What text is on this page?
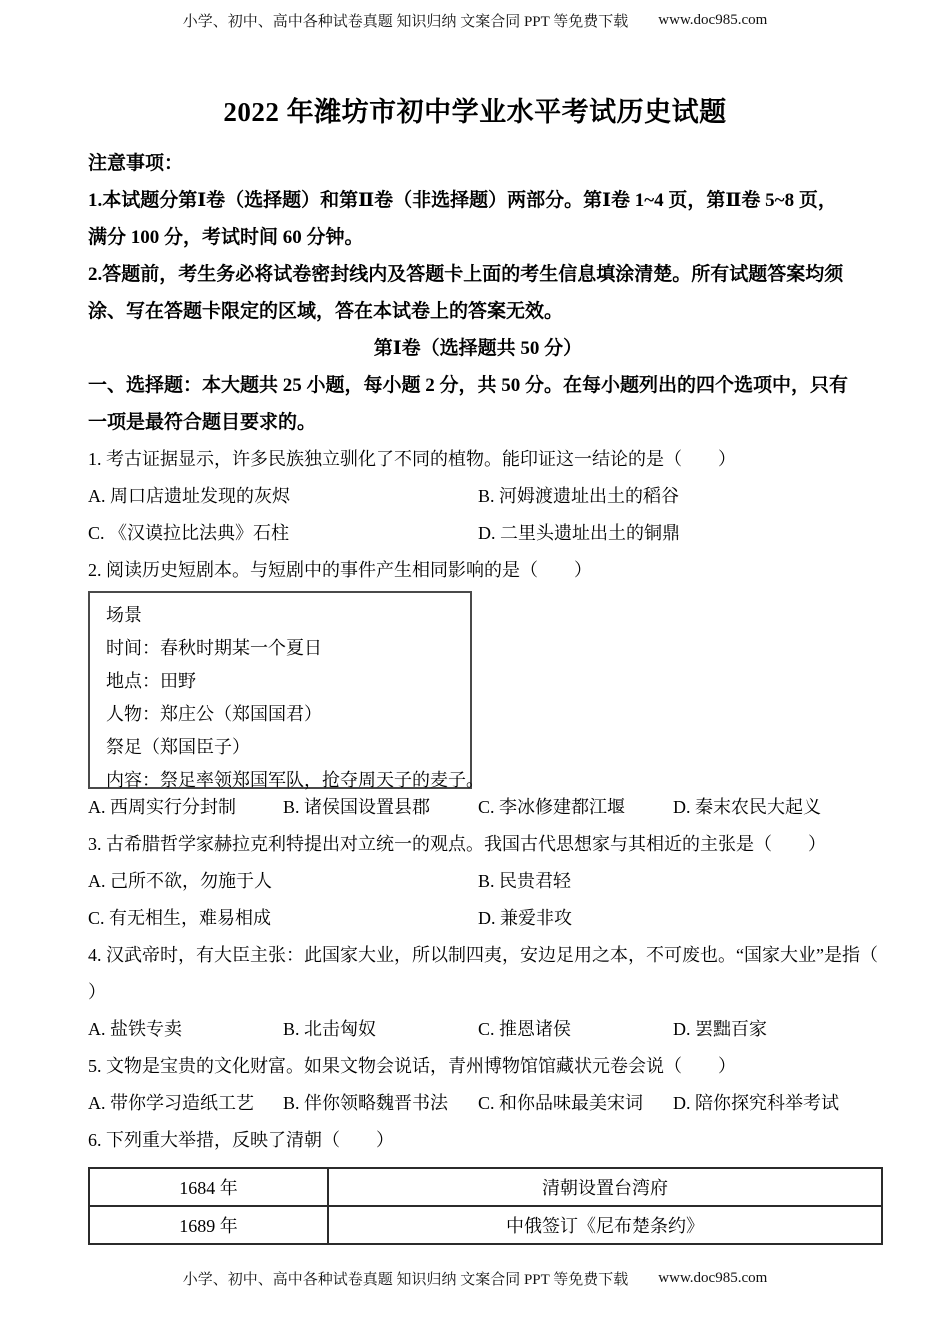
小学、初中、高中各种试卷真题 知识归纳 文案合同 PPT 等免费下载 www.doc985.com
2022 年潍坊市初中学业水平考试历史试题
注意事项：
1.本试题分第Ⅰ卷（选择题）和第Ⅱ卷（非选择题）两部分。第Ⅰ卷 1~4 页，第Ⅱ卷 5~8 页，
满分 100 分，考试时间 60 分钟。
2.答题前，考生务必将试卷密封线内及答题卡上面的考生信息填涂清楚。所有试题答案均须
涂、写在答题卡限定的区域，答在本试卷上的答案无效。
第Ⅰ卷（选择题共 50 分）
一、选择题：本大题共 25 小题，每小题 2 分，共 50 分。在每小题列出的四个选项中，只有
一项是最符合题目要求的。
1. 考古证据显示，许多民族独立驯化了不同的植物。能印证这一结论的是（　　）
A. 周口店遗址发现的灰烬	B. 河姆渡遗址出土的稻谷
C. 《汉谟拉比法典》石柱	D. 二里头遗址出土的铜鼎
2. 阅读历史短剧本。与短剧中的事件产生相同影响的是（　　）
场景
时间：春秋时期某一个夏日
地点：田野
人物：郑庄公（郑国国君）
祭足（郑国臣子）
内容：祭足率领郑国军队，抢夺周天子的麦子。
A. 西周实行分封制	B. 诸侯国设置县郡	C. 李冰修建都江堰	D. 秦末农民大起义
3. 古希腊哲学家赫拉克利特提出对立统一的观点。我国古代思想家与其相近的主张是（　　）
A. 己所不欲，勿施于人	B. 民贵君轻
C. 有无相生，难易相成	D. 兼爱非攻
4. 汉武帝时，有大臣主张：此国家大业，所以制四夷，安边足用之本，不可废也。“国家大业”是指（
）
A. 盐铁专卖	B. 北击匈奴	C. 推恩诸侯	D. 罢黜百家
5. 文物是宝贵的文化财富。如果文物会说话，青州博物馆馆藏状元卷会说（　　）
A. 带你学习造纸工艺	B. 伴你领略魏晋书法	C. 和你品味最美宋词	D. 陪你探究科举考试
6. 下列重大举措，反映了清朝（　　）
1684 年	清朝设置台湾府
1689 年	中俄签订《尼布楚条约》
小学、初中、高中各种试卷真题 知识归纳 文案合同 PPT 等免费下载 www.doc985.com
